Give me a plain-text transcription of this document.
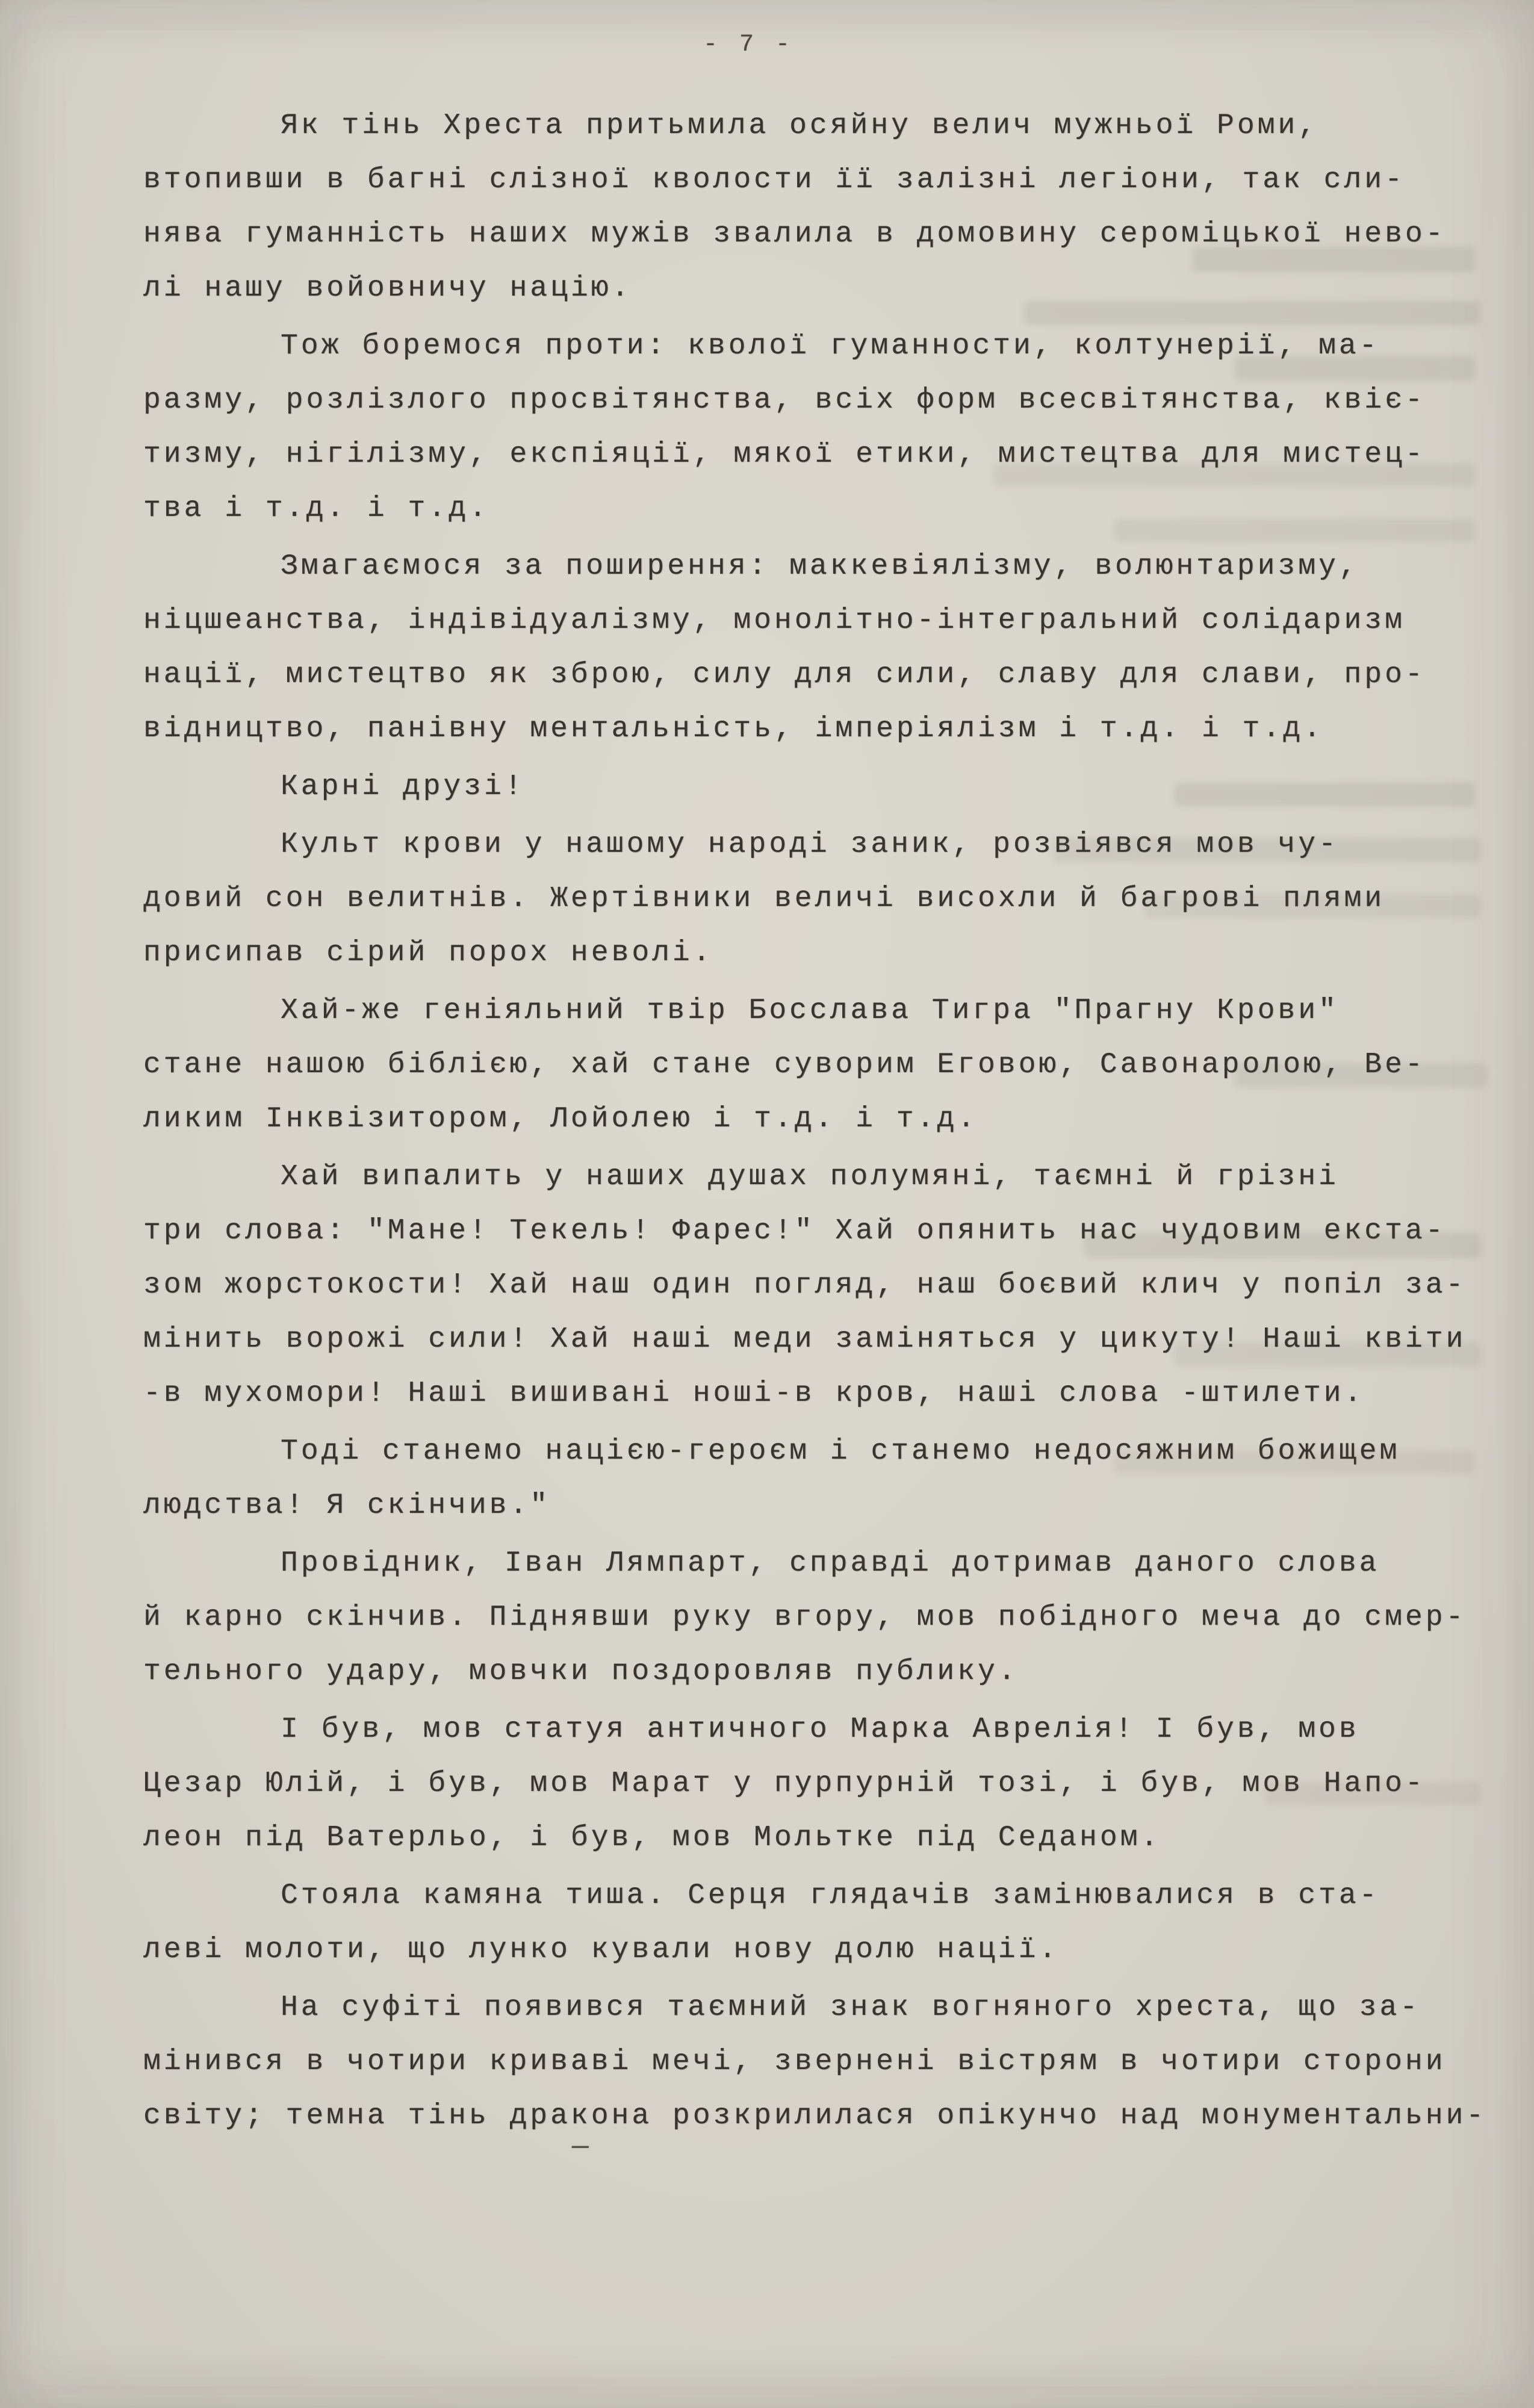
- 7 -

Як тінь Хреста притьмила осяйну велич мужньої Роми,
втопивши в багні слізної кволости її залізні легіони, так сли-
нява гуманність наших мужів звалила в домовину сероміцької нево-
лі нашу войовничу націю.

Тож боремося проти: кволої гуманности, колтунерії, ма-
разму, розлізлого просвітянства, всіх форм всесвітянства, квіє-
тизму, нігілізму, експіяції, мякої етики, мистецтва для мистец-
тва і т.д. і т.д.

Змагаємося за поширення: маккевіялізму, волюнтаризму,
ніцшеанства, індівідуалізму, монолітно-інтегральний солідаризм
нації, мистецтво як зброю, силу для сили, славу для слави, про-
відництво, панівну ментальність, імперіялізм і т.д. і т.д.

Карні друзі!

Культ крови у нашому народі заник, розвіявся мов чу-
довий сон велитнів. Жертівники величі висохли й багрові плями
присипав сірий порох неволі.

Хай-же геніяльний твір Босслава Тигра "Прагну Крови"
стане нашою біблією, хай стане суворим Еговою, Савонаролою, Ве-
ликим Інквізитором, Лойолею і т.д. і т.д.

Хай випалить у наших душах полумяні, таємні й грізні
три слова: "Мане! Текель! Фарес!" Хай опянить нас чудовим екста-
зом жорстокости! Хай наш один погляд, наш боєвий клич у попіл за-
мінить ворожі сили! Хай наші меди заміняться у цикуту! Наші квіти
-в мухомори! Наші вишивані ноші-в кров, наші слова -штилети.

Тоді станемо нацією-героєм і станемо недосяжним божищем
людства! Я скінчив."

Провідник, Іван Лямпарт, справді дотримав даного слова
й карно скінчив. Піднявши руку вгору, мов побідного меча до смер-
тельного удару, мовчки поздоровляв публику.

І був, мов статуя античного Марка Аврелія! І був, мов
Цезар Юлій, і був, мов Марат у пурпурній тозі, і був, мов Напо-
леон під Ватерльо, і був, мов Мольтке під Седаном.

Стояла камяна тиша. Серця глядачів замінювалися в ста-
леві молоти, що лунко кували нову долю нації.

На суфіті появився таємний знак вогняного хреста, що за-
мінився в чотири криваві мечі, звернені вістрям в чотири сторони
світу; темна тінь дракона розкрилилася опікунчо над монументальни-

—
